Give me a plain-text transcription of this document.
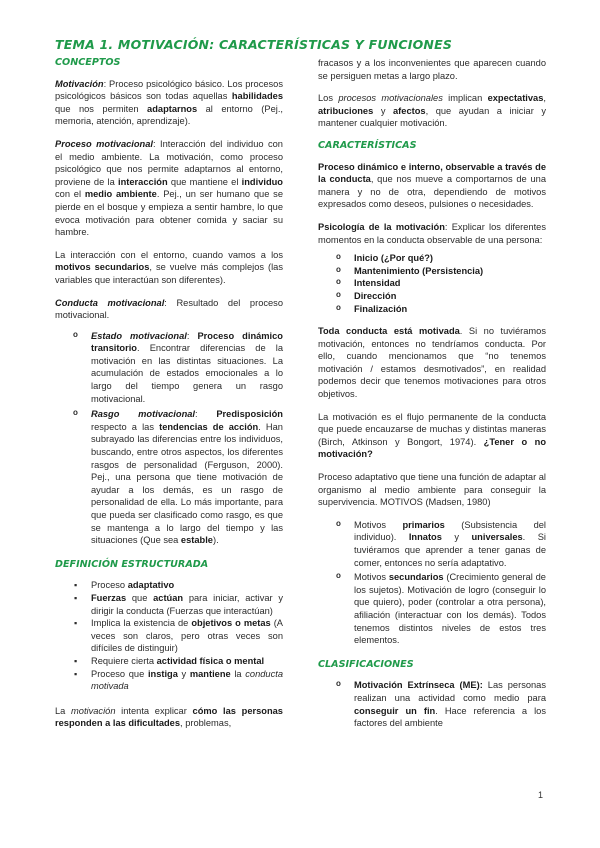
TEMA 1. MOTIVACIÓN: CARACTERÍSTICAS Y FUNCIONES
CONCEPTOS

Motivación: Proceso psicológico básico. Los procesos psicológicos básicos son todas aquellas habilidades que nos permiten adaptarnos al entorno (Pej., memoria, atención, aprendizaje).

Proceso motivacional: Interacción del individuo con el medio ambiente. La motivación, como proceso psicológico que nos permite adaptarnos al entorno, proviene de la interacción que mantiene el individuo con el medio ambiente. Pej., un ser humano que se pierde en el bosque y empieza a sentir hambre, lo que evoca motivación para obtener comida y saciar su hambre.

La interacción con el entorno, cuando vamos a los motivos secundarios, se vuelve más complejos (las variables que interactúan son diferentes).

Conducta motivacional: Resultado del proceso motivacional.

o Estado motivacional: Proceso dinámico transitorio. Encontrar diferencias de la motivación en las distintas situaciones. La acumulación de estados emocionales a lo largo del tiempo genera un rasgo motivacional.
o Rasgo motivacional: Predisposición respecto a las tendencias de acción. Han subrayado las diferencias entre los individuos, buscando, entre otros aspectos, los diferentes rasgos de personalidad (Ferguson, 2000). Pej., una persona que tiene motivación de ayudar a los demás, es un rasgo de personalidad de ella. Lo más importante, para que pueda ser clasificado como rasgo, es que se mantenga a lo largo del tiempo y las situaciones (Que sea estable).
DEFINICIÓN ESTRUCTURADA
▪ Proceso adaptativo
▪ Fuerzas que actúan para iniciar, activar y dirigir la conducta (Fuerzas que interactúan)
▪ Implica la existencia de objetivos o metas (A veces son claros, pero otras veces son difíciles de distinguir)
▪ Requiere cierta actividad física o mental
▪ Proceso que instiga y mantiene la conducta motivada

La motivación intenta explicar cómo las personas responden a las dificultades, problemas,

fracasos y a los inconvenientes que aparecen cuando se persiguen metas a largo plazo.

Los procesos motivacionales implican expectativas, atribuciones y afectos, que ayudan a iniciar y mantener cualquier motivación.

CARACTERÍSTICAS

Proceso dinámico e interno, observable a través de la conducta, que nos mueve a comportarnos de una manera y no de otra, dependiendo de motivos expresados como deseos, pulsiones o necesidades.

Psicología de la motivación: Explicar los diferentes momentos en la conducta observable de una persona:

o Inicio (¿Por qué?)
o Mantenimiento (Persistencia)
o Intensidad
o Dirección
o Finalización

Toda conducta está motivada. Si no tuviéramos motivación, entonces no tendríamos conducta. Por ello, cuando mencionamos que “no tenemos motivación / estamos desmotivados”, en realidad podemos decir que tenemos motivaciones para otros objetivos.

La motivación es el flujo permanente de la conducta que puede encauzarse de muchas y distintas maneras (Birch, Atkinson y Bongort, 1974). ¿Tener o no motivación?

Proceso adaptativo que tiene una función de adaptar al organismo al medio ambiente para conseguir la supervivencia. MOTIVOS (Madsen, 1980)

o Motivos primarios (Subsistencia del individuo). Innatos y universales. Si tuviéramos que aprender a tener ganas de comer, entonces no sería adaptativo.
o Motivos secundarios (Crecimiento general de los sujetos). Motivación de logro (conseguir lo que quiero), poder (controlar a otra persona), afiliación (interactuar con los demás). Todos tenemos distintos niveles de estos tres elementos.
CLASIFICACIONES
o Motivación Extrínseca (ME): Las personas realizan una actividad como medio para conseguir un fin. Hace referencia a los factores del ambiente
1
